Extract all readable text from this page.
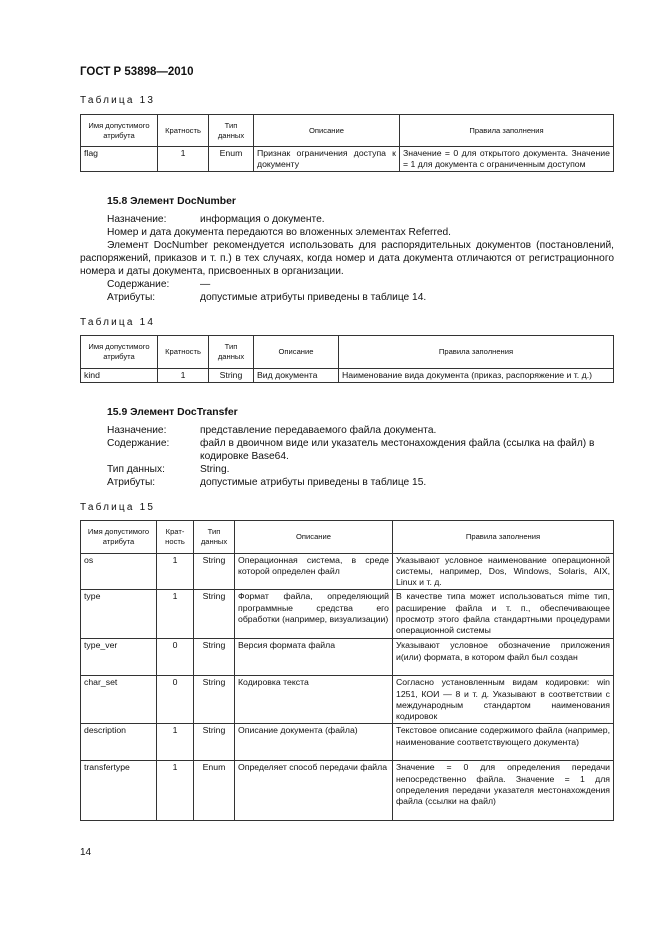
ГОСТ Р 53898—2010
Таблица 13
Имя допустимого атрибута	Кратность	Тип данных	Описание	Правила заполнения
flag	1	Enum	Признак ограничения доступа к документу	Значение = 0 для открытого документа. Значение = 1 для документа с ограниченным доступом
15.8 Элемент DocNumber
Назначение:	информация о документе.
Номер и дата документа передаются во вложенных элементах Referred.
Элемент DocNumber рекомендуется использовать для распорядительных документов (постановлений, распоряжений, приказов и т. п.) в тех случаях, когда номер и дата документа отличаются от регистрационного номера и даты документа, присвоенных в организации.
Содержание:	—
Атрибуты:	допустимые атрибуты приведены в таблице 14.
Таблица 14
Имя допустимого атрибута	Кратность	Тип данных	Описание	Правила заполнения
kind	1	String	Вид документа	Наименование вида документа (приказ, распоряжение и т. д.)
15.9 Элемент DocTransfer
Назначение:	представление передаваемого файла документа.
Содержание:	файл в двоичном виде или указатель местонахождения файла (ссылка на файл) в кодировке Base64.
Тип данных:	String.
Атрибуты:	допустимые атрибуты приведены в таблице 15.
Таблица 15
Имя допустимого атрибута	Крат-ность	Тип данных	Описание	Правила заполнения
os	1	String	Операционная система, в среде которой определен файл	Указывают условное наименование операционной системы, например, Dos, Windows, Solaris, AIX, Linux и т. д.
type	1	String	Формат файла, определяющий программные средства его обработки (например, визуализации)	В качестве типа может использоваться mime тип, расширение файла и т. п., обеспечивающее просмотр этого файла стандартными процедурами операционной системы
type_ver	0	String	Версия формата файла	Указывают условное обозначение приложения и(или) формата, в котором файл был создан
char_set	0	String	Кодировка текста	Согласно установленным видам кодировки: win 1251, КОИ — 8 и т. д. Указывают в соответствии с международным стандартом наименования кодировок
description	1	String	Описание документа (файла)	Текстовое описание содержимого файла (например, наименование соответствующего документа)
transfertype	1	Enum	Определяет способ передачи файла	Значение = 0 для определения передачи непосредственно файла. Значение = 1 для определения передачи указателя местонахождения файла (ссылки на файл)
14
